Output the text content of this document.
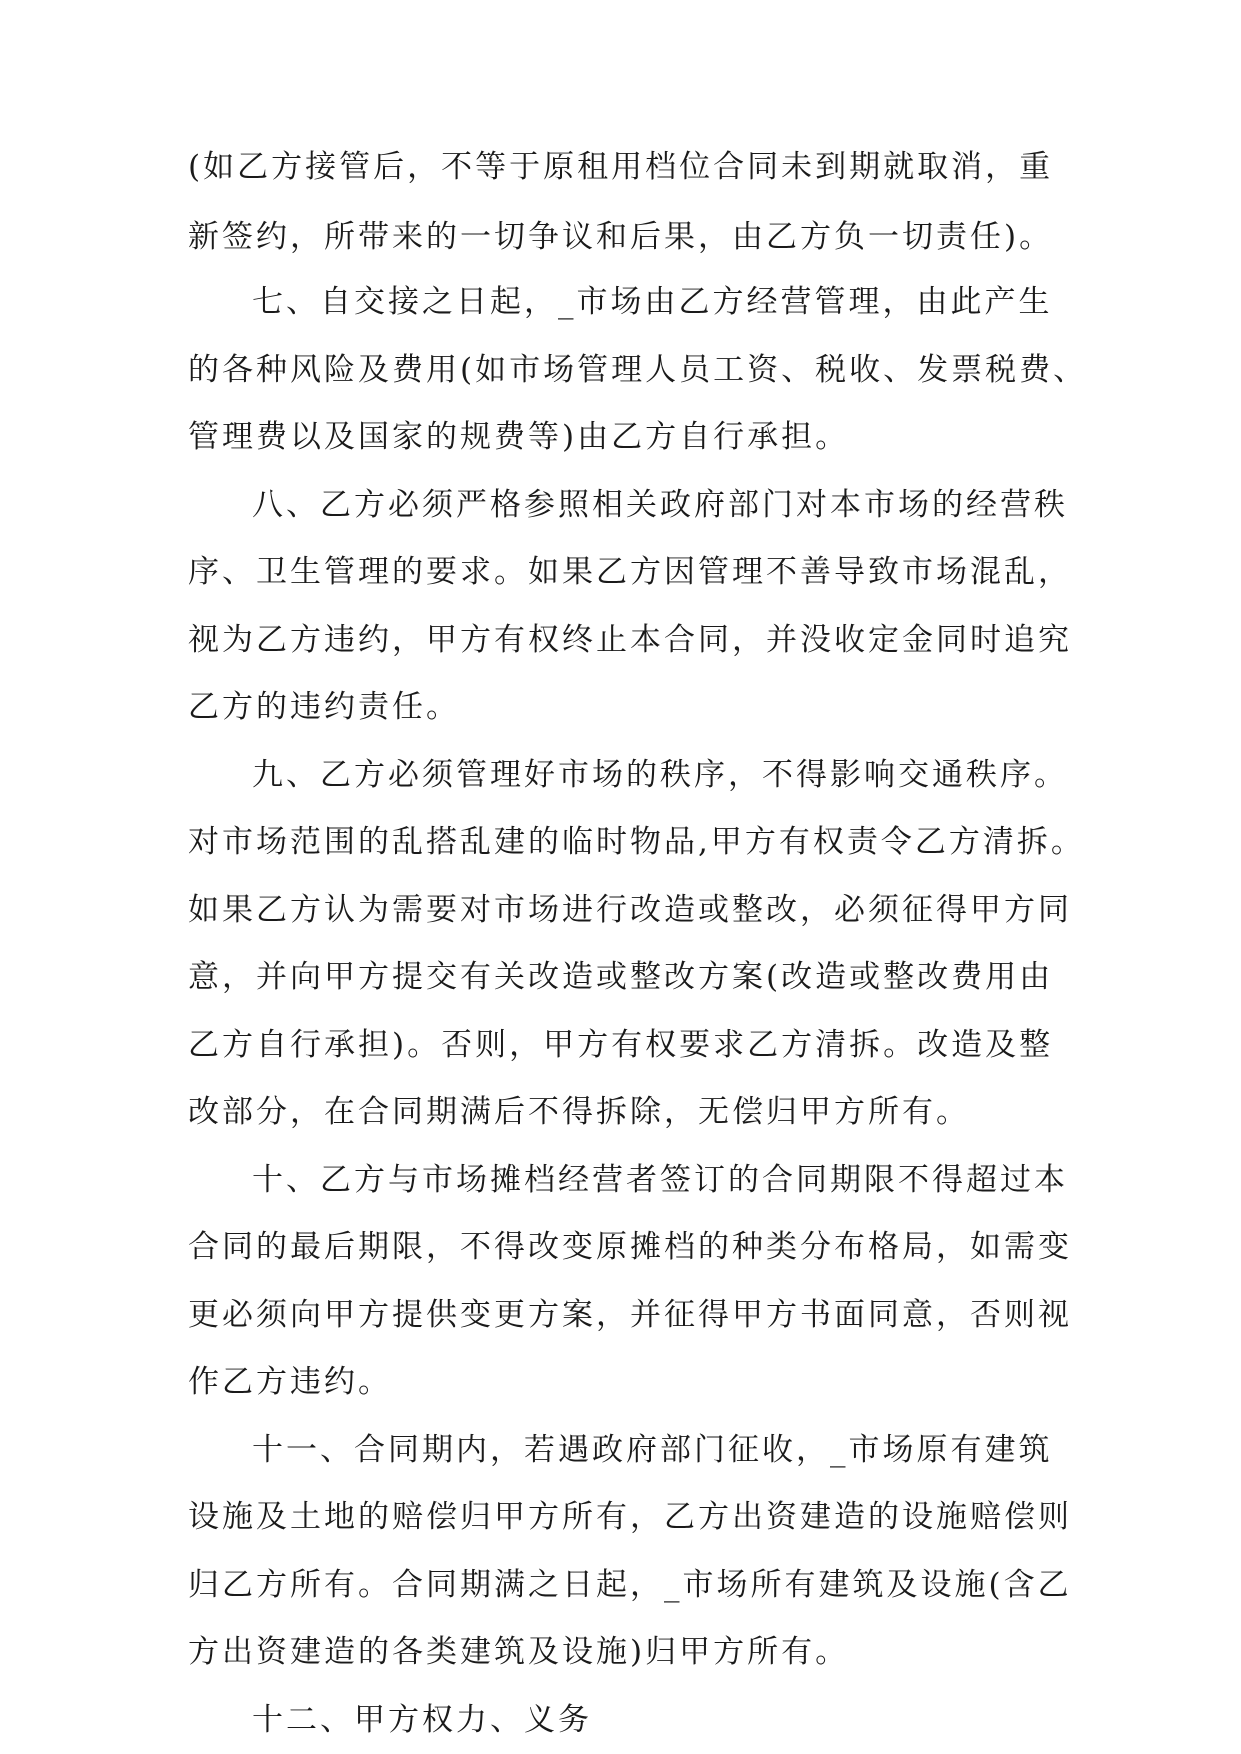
(如乙方接管后，不等于原租用档位合同未到期就取消，重

新签约，所带来的一切争议和后果，由乙方负一切责任)。

七、自交接之日起，_市场由乙方经营管理，由此产生

的各种风险及费用(如市场管理人员工资、税收、发票税费、

管理费以及国家的规费等)由乙方自行承担。

八、乙方必须严格参照相关政府部门对本市场的经营秩

序、卫生管理的要求。如果乙方因管理不善导致市场混乱，

视为乙方违约，甲方有权终止本合同，并没收定金同时追究

乙方的违约责任。

九、乙方必须管理好市场的秩序，不得影响交通秩序。

对市场范围的乱搭乱建的临时物品,甲方有权责令乙方清拆。

如果乙方认为需要对市场进行改造或整改，必须征得甲方同

意，并向甲方提交有关改造或整改方案(改造或整改费用由

乙方自行承担)。否则，甲方有权要求乙方清拆。改造及整

改部分，在合同期满后不得拆除，无偿归甲方所有。

十、乙方与市场摊档经营者签订的合同期限不得超过本

合同的最后期限，不得改变原摊档的种类分布格局，如需变

更必须向甲方提供变更方案，并征得甲方书面同意，否则视

作乙方违约。

十一、合同期内，若遇政府部门征收，_市场原有建筑

设施及土地的赔偿归甲方所有，乙方出资建造的设施赔偿则

归乙方所有。合同期满之日起，_市场所有建筑及设施(含乙

方出资建造的各类建筑及设施)归甲方所有。

十二、甲方权力、义务
